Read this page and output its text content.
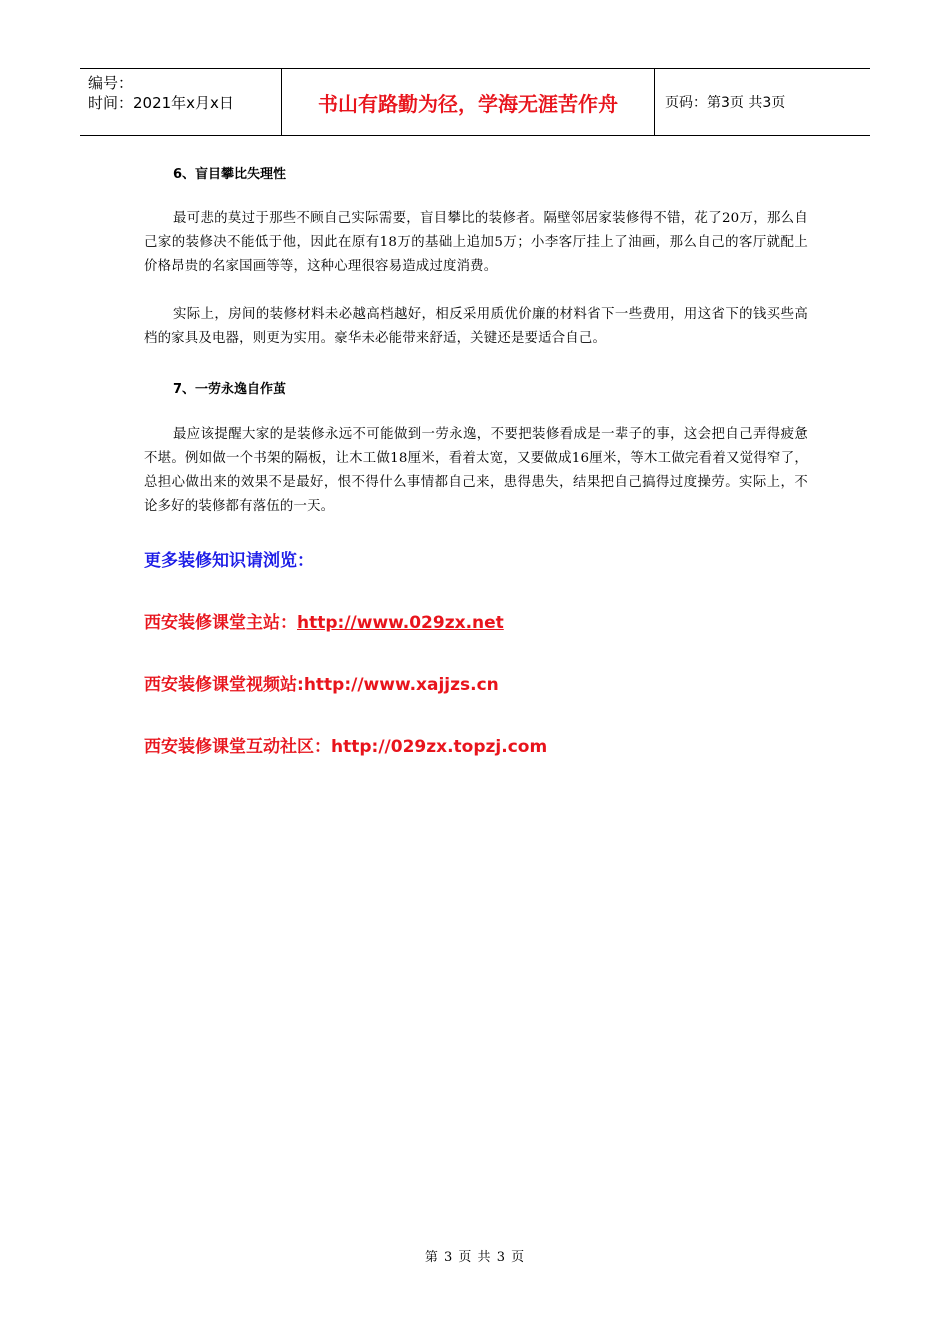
编号：
时间：2021年x月x日	书山有路勤为径，学海无涯苦作舟	页码：第3页 共3页
6、盲目攀比失理性
最可悲的莫过于那些不顾自己实际需要，盲目攀比的装修者。隔壁邻居家装修得不错，花了20万，那么自己家的装修决不能低于他，因此在原有18万的基础上追加5万；小李客厅挂上了油画，那么自己的客厅就配上价格昂贵的名家国画等等，这种心理很容易造成过度消费。
实际上，房间的装修材料未必越高档越好，相反采用质优价廉的材料省下一些费用，用这省下的钱买些高档的家具及电器，则更为实用。豪华未必能带来舒适，关键还是要适合自己。
7、一劳永逸自作茧
最应该提醒大家的是装修永远不可能做到一劳永逸，不要把装修看成是一辈子的事，这会把自己弄得疲惫不堪。例如做一个书架的隔板，让木工做18厘米，看着太宽，又要做成16厘米，等木工做完看着又觉得窄了，总担心做出来的效果不是最好，恨不得什么事情都自己来，患得患失，结果把自己搞得过度操劳。实际上，不论多好的装修都有落伍的一天。
更多装修知识请浏览：
西安装修课堂主站：http://www.029zx.net
西安装修课堂视频站:http://www.xajjzs.cn
西安装修课堂互动社区：http://029zx.topzj.com
第 3 页 共 3 页
